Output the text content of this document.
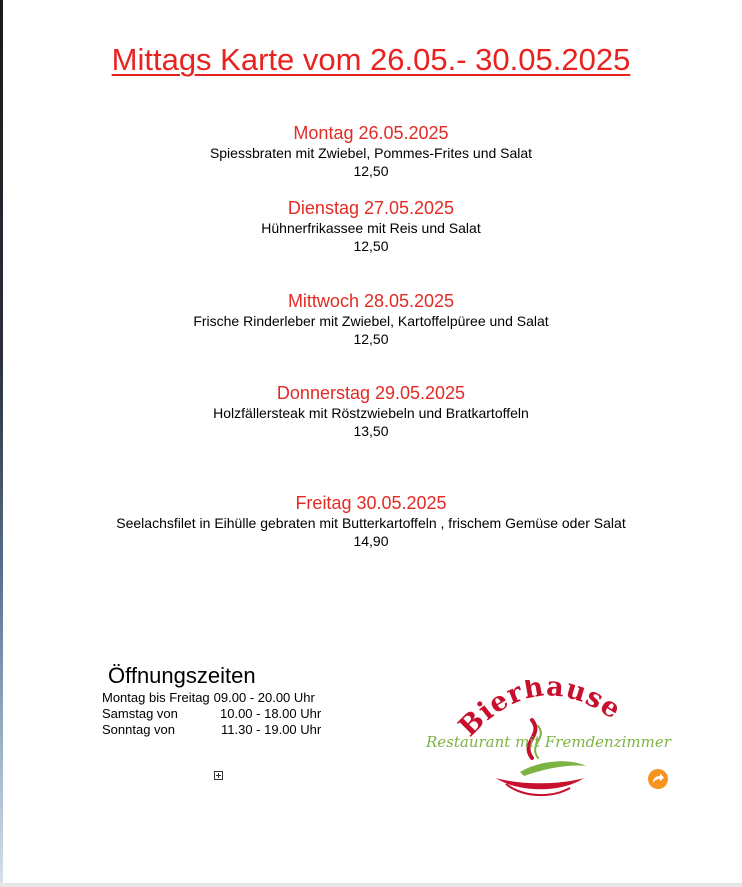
Mittags Karte vom 26.05.- 30.05.2025
Montag 26.05.2025
Spiessbraten mit Zwiebel, Pommes-Frites und Salat
12,50
Dienstag 27.05.2025
Hühnerfrikassee mit Reis und Salat
12,50
Mittwoch 28.05.2025
Frische Rinderleber mit Zwiebel, Kartoffelpüree und Salat
12,50
Donnerstag 29.05.2025
Holzfällersteak mit Röstzwiebeln und Bratkartoffeln
13,50
Freitag 30.05.2025
Seelachsfilet in Eihülle gebraten mit Butterkartoffeln , frischem Gemüse oder Salat
14,90
Öffnungszeiten
Montag bis Freitag 09.00 - 20.00 Uhr
Samstag von	10.00 - 18.00 Uhr
Sonntag von	11.30 - 19.00 Uhr	Bierhäuse
Restaurant mit Fremdenzimmer
